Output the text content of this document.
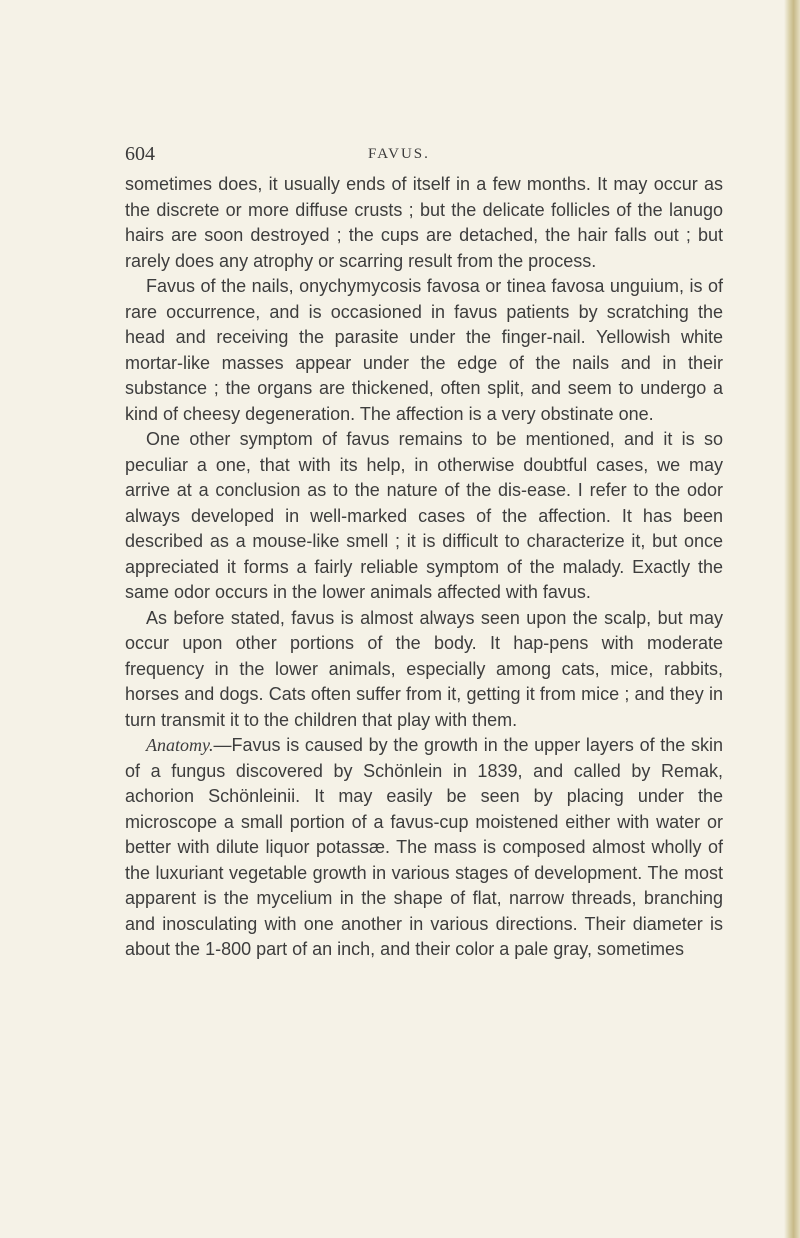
604	FAVUS.

sometimes does, it usually ends of itself in a few months. It may occur as the discrete or more diffuse crusts ; but the delicate follicles of the lanugo hairs are soon destroyed ; the cups are detached, the hair falls out ; but rarely does any atrophy or scarring result from the process.

Favus of the nails, onychymycosis favosa or tinea favosa unguium, is of rare occurrence, and is occasioned in favus patients by scratching the head and receiving the parasite under the finger-nail. Yellowish white mortar-like masses appear under the edge of the nails and in their substance ; the organs are thickened, often split, and seem to undergo a kind of cheesy degeneration. The affection is a very obstinate one.

One other symptom of favus remains to be mentioned, and it is so peculiar a one, that with its help, in otherwise doubtful cases, we may arrive at a conclusion as to the nature of the dis-ease. I refer to the odor always developed in well-marked cases of the affection. It has been described as a mouse-like smell ; it is difficult to characterize it, but once appreciated it forms a fairly reliable symptom of the malady. Exactly the same odor occurs in the lower animals affected with favus.

As before stated, favus is almost always seen upon the scalp, but may occur upon other portions of the body. It hap-pens with moderate frequency in the lower animals, especially among cats, mice, rabbits, horses and dogs. Cats often suffer from it, getting it from mice ; and they in turn transmit it to the children that play with them.

Anatomy.—Favus is caused by the growth in the upper layers of the skin of a fungus discovered by Schönlein in 1839, and called by Remak, achorion Schönleinii. It may easily be seen by placing under the microscope a small portion of a favus-cup moistened either with water or better with dilute liquor potassæ. The mass is composed almost wholly of the luxuriant vegetable growth in various stages of development. The most apparent is the mycelium in the shape of flat, narrow threads, branching and inosculating with one another in various directions. Their diameter is about the 1-800 part of an inch, and their color a pale gray, sometimes
